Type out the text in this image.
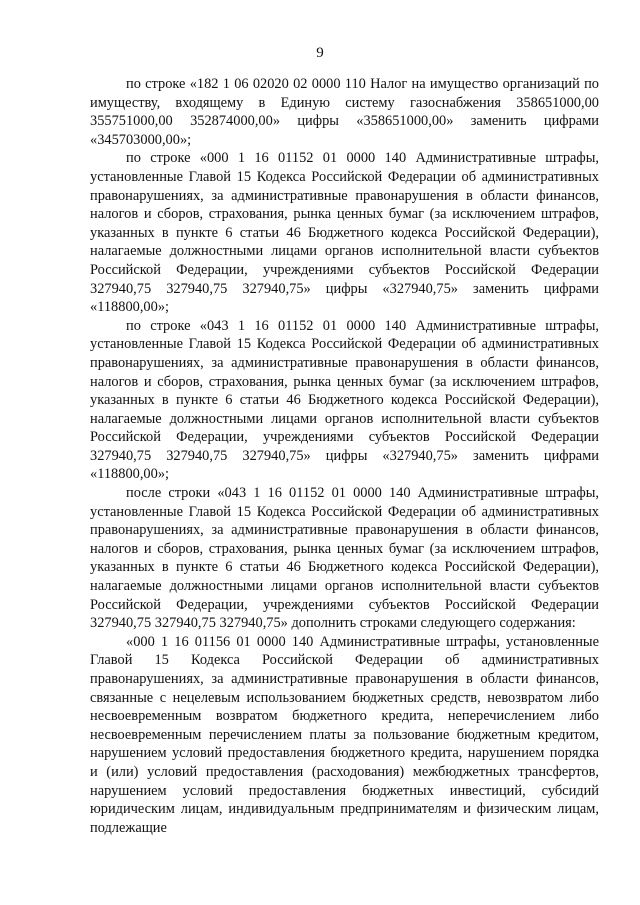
9

по строке «182 1 06 02020 02 0000 110 Налог на имущество организаций по имуществу, входящему в Единую систему газоснабжения 358651000,00 355751000,00 352874000,00» цифры «358651000,00» заменить цифрами «345703000,00»;

по строке «000 1 16 01152 01 0000 140 Административные штрафы, установленные Главой 15 Кодекса Российской Федерации об административных правонарушениях, за административные правонарушения в области финансов, налогов и сборов, страхования, рынка ценных бумаг (за исключением штрафов, указанных в пункте 6 статьи 46 Бюджетного кодекса Российской Федерации), налагаемые должностными лицами органов исполнительной власти субъектов Российской Федерации, учреждениями субъектов Российской Федерации 327940,75 327940,75 327940,75» цифры «327940,75» заменить цифрами «118800,00»;

по строке «043 1 16 01152 01 0000 140 Административные штрафы, установленные Главой 15 Кодекса Российской Федерации об административных правонарушениях, за административные правонарушения в области финансов, налогов и сборов, страхования, рынка ценных бумаг (за исключением штрафов, указанных в пункте 6 статьи 46 Бюджетного кодекса Российской Федерации), налагаемые должностными лицами органов исполнительной власти субъектов Российской Федерации, учреждениями субъектов Российской Федерации 327940,75 327940,75 327940,75» цифры «327940,75» заменить цифрами «118800,00»;

после строки «043 1 16 01152 01 0000 140 Административные штрафы, установленные Главой 15 Кодекса Российской Федерации об административных правонарушениях, за административные правонарушения в области финансов, налогов и сборов, страхования, рынка ценных бумаг (за исключением штрафов, указанных в пункте 6 статьи 46 Бюджетного кодекса Российской Федерации), налагаемые должностными лицами органов исполнительной власти субъектов Российской Федерации, учреждениями субъектов Российской Федерации 327940,75 327940,75 327940,75» дополнить строками следующего содержания:

«000 1 16 01156 01 0000 140 Административные штрафы, установленные Главой 15 Кодекса Российской Федерации об административных правонарушениях, за административные правонарушения в области финансов, связанные с нецелевым использованием бюджетных средств, невозвратом либо несвоевременным возвратом бюджетного кредита, неперечислением либо несвоевременным перечислением платы за пользование бюджетным кредитом, нарушением условий предоставления бюджетного кредита, нарушением порядка и (или) условий предоставления (расходования) межбюджетных трансфертов, нарушением условий предоставления бюджетных инвестиций, субсидий юридическим лицам, индивидуальным предпринимателям и физическим лицам, подлежащие
